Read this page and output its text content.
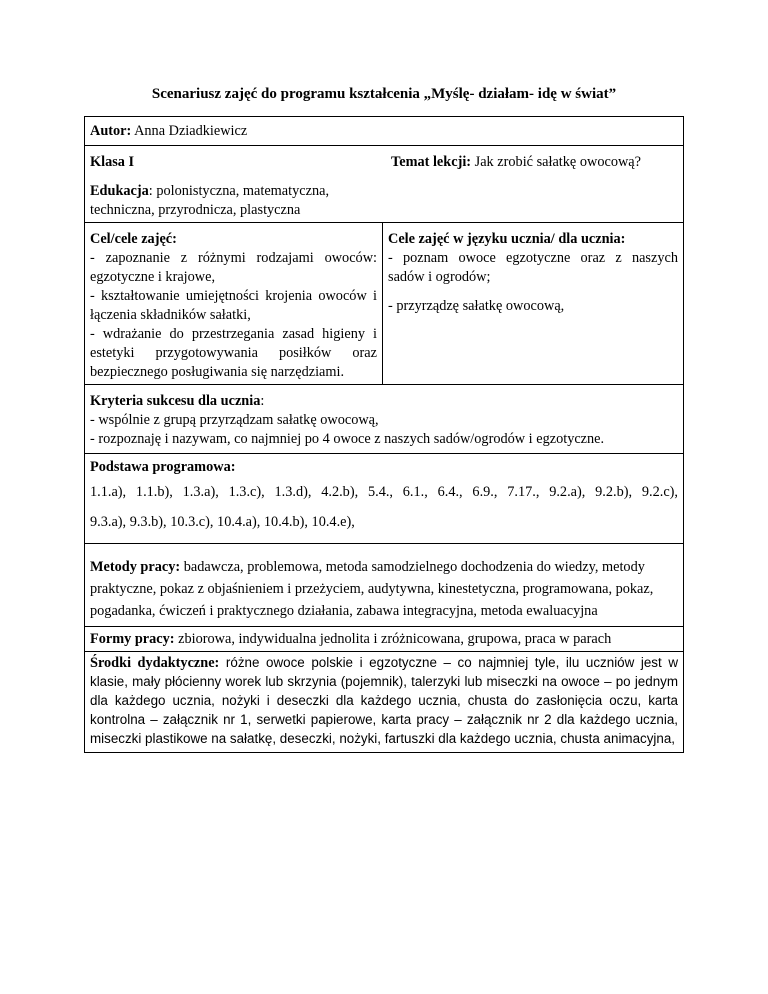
Scenariusz zajęć do programu kształcenia „Myślę- działam- idę w świat”
Autor: Anna Dziadkiewicz

Klasa I

Edukacja: polonistyczna, matematyczna, techniczna, przyrodnicza, plastyczna

Temat lekcji: Jak zrobić sałatkę owocową?

Cel/cele zajęć:

- zapoznanie z różnymi rodzajami owoców: egzotyczne i krajowe,

- kształtowanie umiejętności krojenia owoców i łączenia składników sałatki,

- wdrażanie do przestrzegania zasad higieny i estetyki przygotowywania posiłków oraz bezpiecznego posługiwania się narzędziami.

Cele zajęć w języku ucznia/ dla ucznia:

- poznam owoce egzotyczne oraz z naszych sadów i ogrodów;

- przyrządzę sałatkę owocową,

Kryteria sukcesu dla ucznia:

- wspólnie z grupą przyrządzam sałatkę owocową,

- rozpoznaję i nazywam, co najmniej po 4 owoce z naszych sadów/ogrodów i egzotyczne.

Podstawa programowa:

1.1.a), 1.1.b), 1.3.a), 1.3.c), 1.3.d), 4.2.b), 5.4., 6.1., 6.4., 6.9., 7.17., 9.2.a), 9.2.b), 9.2.c),

9.3.a), 9.3.b), 10.3.c), 10.4.a), 10.4.b), 10.4.e),

Metody pracy: badawcza, problemowa, metoda samodzielnego dochodzenia do wiedzy, metody praktyczne, pokaz z objaśnieniem i przeżyciem, audytywna, kinestetyczna, programowana, pokaz, pogadanka, ćwiczeń i praktycznego działania, zabawa integracyjna, metoda ewaluacyjna

Formy pracy: zbiorowa, indywidualna jednolita i zróżnicowana, grupowa, praca w parach

Środki dydaktyczne: różne owoce polskie i egzotyczne – co najmniej tyle, ilu uczniów jest w klasie, mały płócienny worek lub skrzynia (pojemnik), talerzyki lub miseczki na owoce – po jednym dla każdego ucznia, nożyki i deseczki dla każdego ucznia, chusta do zasłonięcia oczu, karta kontrolna – załącznik nr 1, serwetki papierowe, karta pracy – załącznik nr 2 dla każdego ucznia, miseczki plastikowe na sałatkę, deseczki, nożyki, fartuszki dla każdego ucznia, chusta animacyjna,
